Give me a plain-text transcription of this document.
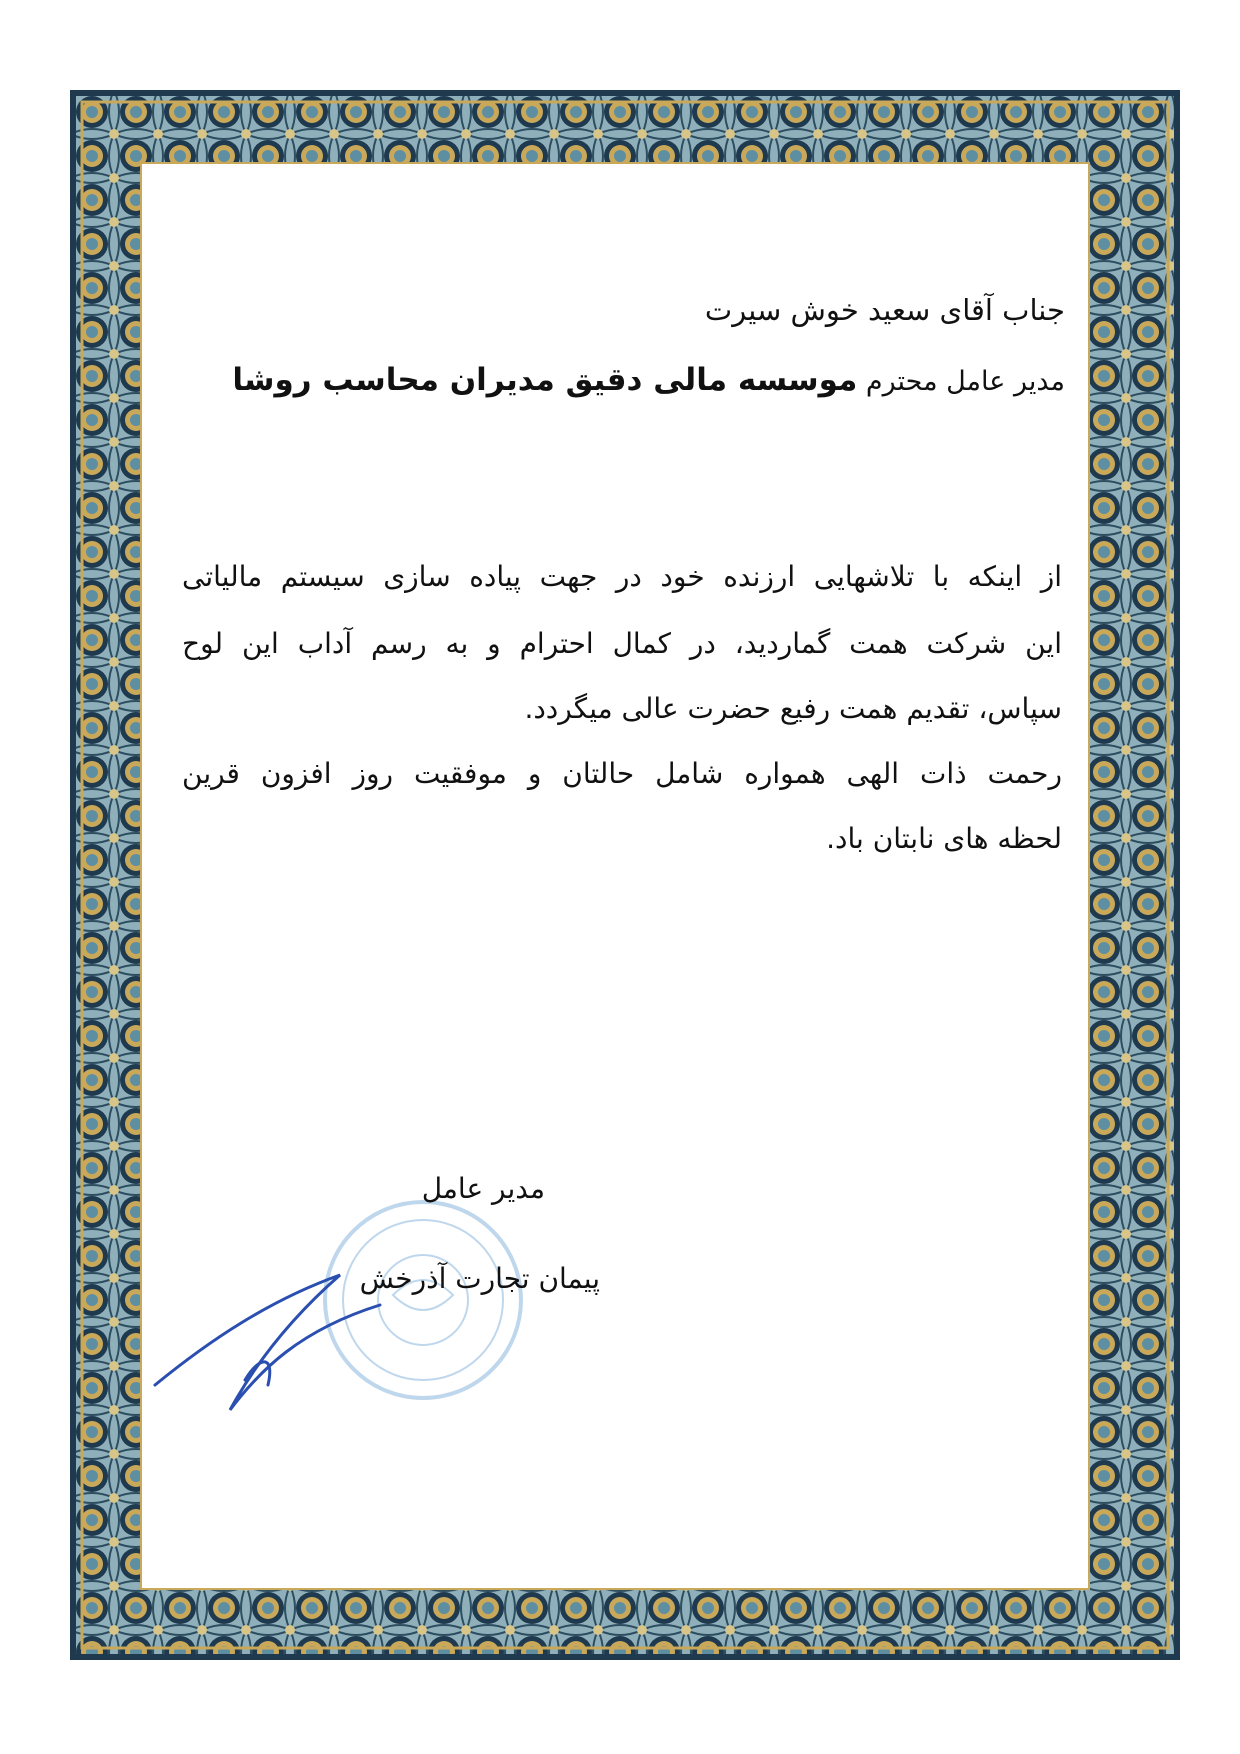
جناب آقای سعید خوش سیرت
مدیر عامل محترم موسسه مالی دقیق مدیران محاسب روشا
از اینکه با تلاشهایی ارزنده خود در جهت پیاده سازی سیستم مالیاتی
این شرکت همت گماردید، در کمال احترام و به رسم آداب این لوح
سپاس، تقدیم همت رفیع حضرت عالی میگردد.
رحمت ذات الهی همواره شامل حالتان و موفقیت روز افزون قرین
لحظه های نابتان باد.
مدیر عامل
پیمان تجارت آذرخش
